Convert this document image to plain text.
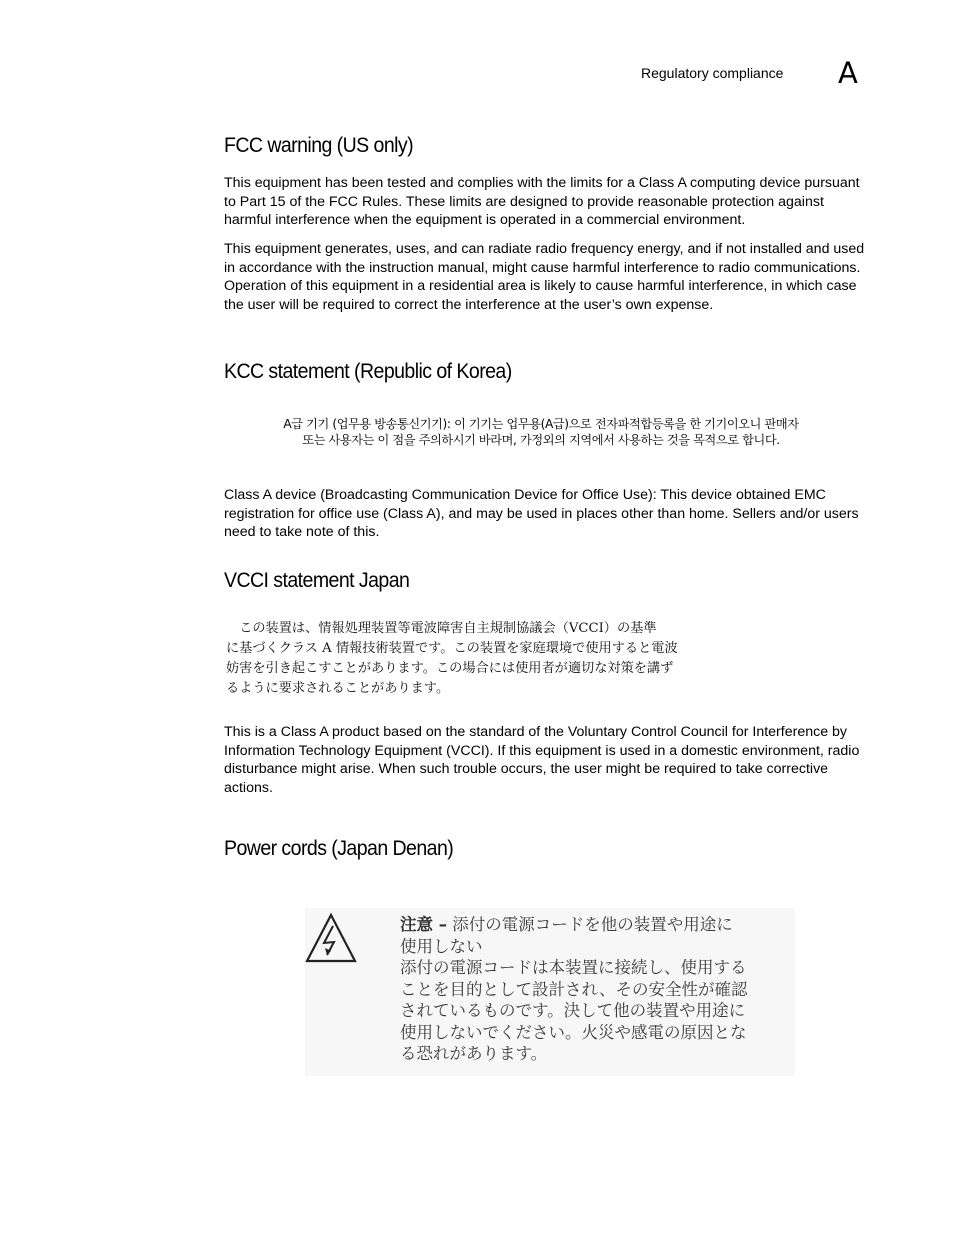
Regulatory compliance A
FCC warning (US only)

This equipment has been tested and complies with the limits for a Class A computing device pursuant to Part 15 of the FCC Rules. These limits are designed to provide reasonable protection against harmful interference when the equipment is operated in a commercial environment.

This equipment generates, uses, and can radiate radio frequency energy, and if not installed and used in accordance with the instruction manual, might cause harmful interference to radio communications. Operation of this equipment in a residential area is likely to cause harmful interference, in which case the user will be required to correct the interference at the user’s own expense.

KCC statement (Republic of Korea)
A급 기기 (업무용 방송통신기기): 이 기기는 업무용(A급)으로 전자파적합등록을 한 기기이오니 판매자
또는 사용자는 이 점을 주의하시기 바라며, 가정외의 지역에서 사용하는 것을 목적으로 합니다.

Class A device (Broadcasting Communication Device for Office Use): This device obtained EMC registration for office use (Class A), and may be used in places other than home. Sellers and/or users need to take note of this.

VCCI statement Japan
　この装置は、情報処理装置等電波障害自主規制協議会（VCCI）の基準
に基づくクラス A 情報技術装置です。この装置を家庭環境で使用すると電波
妨害を引き起こすことがあります。この場合には使用者が適切な対策を講ず
るように要求されることがあります。

This is a Class A product based on the standard of the Voluntary Control Council for Interference by Information Technology Equipment (VCCI). If this equipment is used in a domestic environment, radio disturbance might arise. When such trouble occurs, the user might be required to take corrective actions.

Power cords (Japan Denan)
注意 – 添付の電源コードを他の装置や用途に
使用しない
添付の電源コードは本装置に接続し、使用する
ことを目的として設計され、その安全性が確認
されているものです。決して他の装置や用途に
使用しないでください。火災や感電の原因とな
る恐れがあります。
